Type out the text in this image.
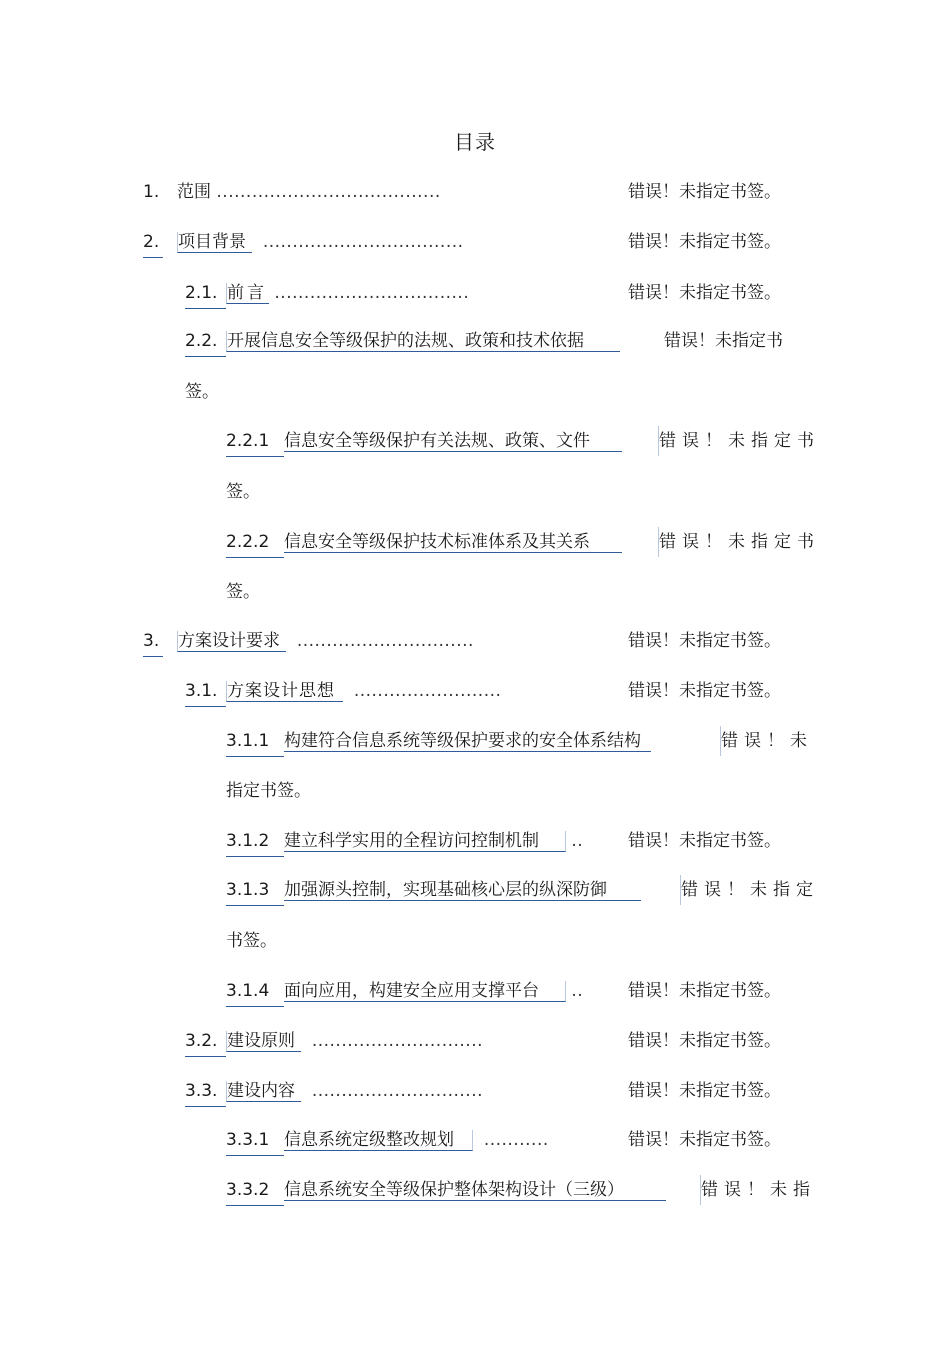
目录
1. 范围 ......................................	错误！未指定书签。
2. 项目背景 ..................................	错误！未指定书签。
2.1. 前言 .................................	错误！未指定书签。
2.2. 开展信息安全等级保护的法规、政策和技术依据	错误！未指定书
签。
2.2.1 信息安全等级保护有关法规、政策、文件	错误！未指定书
签。
2.2.2 信息安全等级保护技术标准体系及其关系	错误！未指定书
签。
3. 方案设计要求 ..............................	错误！未指定书签。
3.1. 方案设计思想 .........................	错误！未指定书签。
3.1.1 构建符合信息系统等级保护要求的安全体系结构	错误！未
指定书签。
3.1.2 建立科学实用的全程访问控制机制 ..	错误！未指定书签。
3.1.3 加强源头控制，实现基础核心层的纵深防御	错误！未指定
书签。
3.1.4 面向应用，构建安全应用支撑平台 ..	错误！未指定书签。
3.2. 建设原则 .............................	错误！未指定书签。
3.3. 建设内容 .............................	错误！未指定书签。
3.3.1 信息系统定级整改规划 ...........	错误！未指定书签。
3.3.2 信息系统安全等级保护整体架构设计（三级）	错误！未指
